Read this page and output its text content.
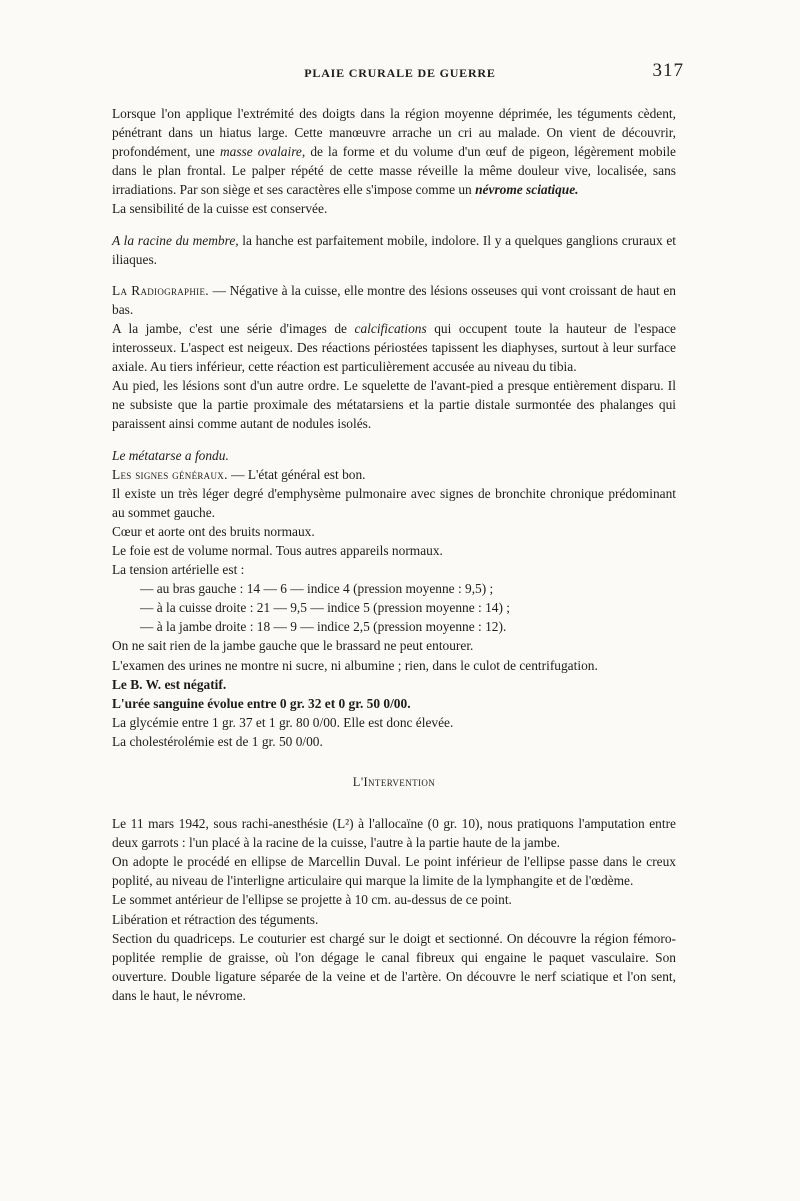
PLAIE CRURALE DE GUERRE	317

Lorsque l'on applique l'extrémité des doigts dans la région moyenne déprimée, les téguments cèdent, pénétrant dans un hiatus large. Cette manœuvre arrache un cri au malade. On vient de découvrir, profondément, une masse ovalaire, de la forme et du volume d'un œuf de pigeon, légèrement mobile dans le plan frontal. Le palper répété de cette masse réveille la même douleur vive, localisée, sans irradiations. Par son siège et ses caractères elle s'impose comme un névrome sciatique.

La sensibilité de la cuisse est conservée.

A la racine du membre, la hanche est parfaitement mobile, indolore. Il y a quelques ganglions cruraux et iliaques.

La Radiographie. — Négative à la cuisse, elle montre des lésions osseuses qui vont croissant de haut en bas.

A la jambe, c'est une série d'images de calcifications qui occupent toute la hauteur de l'espace interosseux. L'aspect est neigeux. Des réactions périostées tapissent les diaphyses, surtout à leur surface axiale. Au tiers inférieur, cette réaction est particulièrement accusée au niveau du tibia.

Au pied, les lésions sont d'un autre ordre. Le squelette de l'avant-pied a presque entièrement disparu. Il ne subsiste que la partie proximale des métatarsiens et la partie distale surmontée des phalanges qui paraissent ainsi comme autant de nodules isolés.

Le métatarse a fondu.

Les signes généraux. — L'état général est bon.

Il existe un très léger degré d'emphysème pulmonaire avec signes de bronchite chronique prédominant au sommet gauche.

Cœur et aorte ont des bruits normaux.

Le foie est de volume normal. Tous autres appareils normaux.

La tension artérielle est :

— au bras gauche : 14 — 6 — indice 4 (pression moyenne : 9,5) ;

— à la cuisse droite : 21 — 9,5 — indice 5 (pression moyenne : 14) ;

— à la jambe droite : 18 — 9 — indice 2,5 (pression moyenne : 12).

On ne sait rien de la jambe gauche que le brassard ne peut entourer.

L'examen des urines ne montre ni sucre, ni albumine ; rien, dans le culot de centrifugation.

Le B. W. est négatif.

L'urée sanguine évolue entre 0 gr. 32 et 0 gr. 50 0/00.

La glycémie entre 1 gr. 37 et 1 gr. 80 0/00. Elle est donc élevée.

La cholestérolémie est de 1 gr. 50 0/00.

L'Intervention

Le 11 mars 1942, sous rachi-anesthésie (L²) à l'allocaïne (0 gr. 10), nous pratiquons l'amputation entre deux garrots : l'un placé à la racine de la cuisse, l'autre à la partie haute de la jambe.

On adopte le procédé en ellipse de Marcellin Duval. Le point inférieur de l'ellipse passe dans le creux poplité, au niveau de l'interligne articulaire qui marque la limite de la lymphangite et de l'œdème.

Le sommet antérieur de l'ellipse se projette à 10 cm. au-dessus de ce point.

Libération et rétraction des téguments.

Section du quadriceps. Le couturier est chargé sur le doigt et sectionné. On découvre la région fémoro-poplitée remplie de graisse, où l'on dégage le canal fibreux qui engaine le paquet vasculaire. Son ouverture. Double ligature séparée de la veine et de l'artère. On découvre le nerf sciatique et l'on sent, dans le haut, le névrome.
